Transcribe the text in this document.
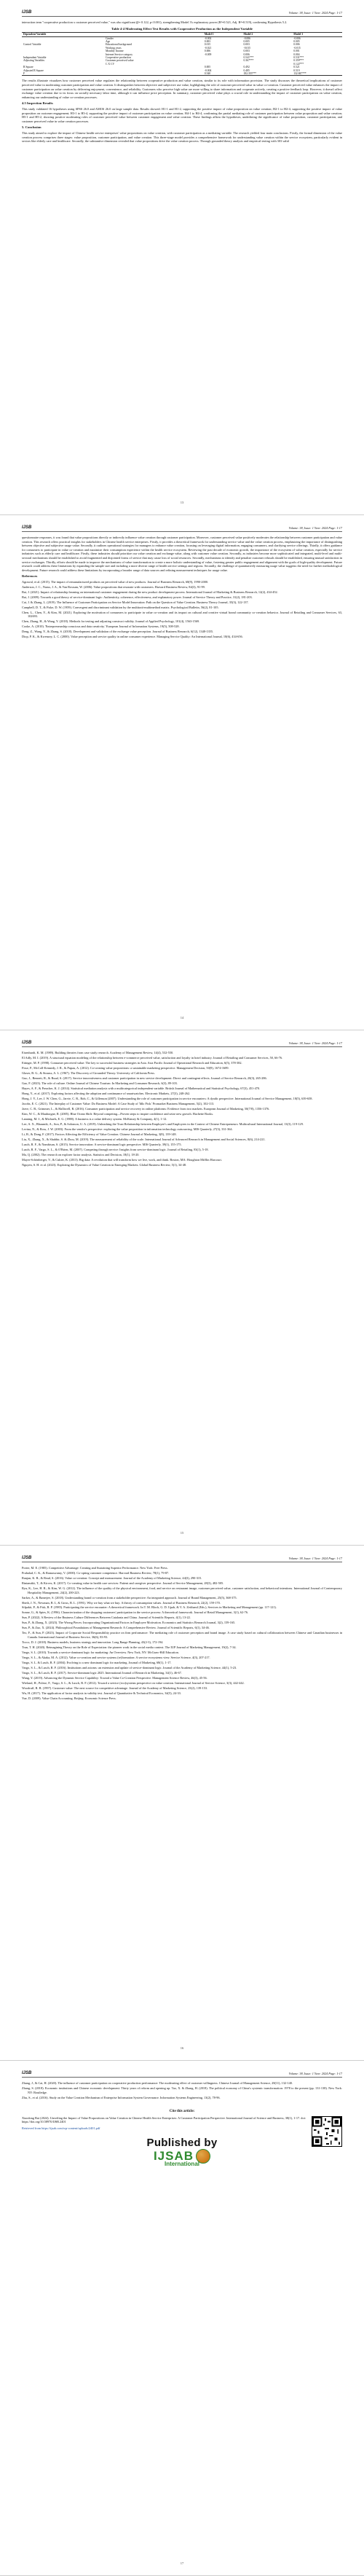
IJSB	Volume: 38, Issue: 1 Year: 2024 Page: 1-17

interaction term "cooperative production x customer perceived value," was also significant (β= 0.122, p<0.001), strengthening Model 3's explanatory power (R²=0.521, Adj. R²=0.519), confirming Hypothesis 5.2.

Table 4-4 Moderating Effect Test Results with Cooperative Production as the Independent Variable
Dependent Variable		Model 1	Model 2	Model 3
	Gender	-0.002	-0.006	-0.006
	Age	0.003	0.005	0.005
Control Variable	Educational background	0.015	0.003	0.006
	Working years	-0.021	-0.015	-0.015
	Monthly Income	0.006	0.003	0.001
	Internet Service category	-0.009	0.006	0.004
Independent Variable	Cooperative production		0.541***	0.531***
Adjusting Variables	Customer perceived value		0.367***	0.359***
	C X CV			0.122***
R Square		0.005	0.492	0.521
Adjusted R Square		-0.004	0.485	0.519
F		0.540	182.355***	132.847***

The results illustrate visualizes how customer perceived value regulates the relationship between cooperative production and value creation, similar to its role with information provision. The study discusses the theoretical implications of customer perceived value in moderating customer participation and value creation. It distinguishes between objective and subjective use value, highlighting the role of customer perceived value in value co-creation. Customer perceived value enhances the impact of customer participation on value creation by delivering enjoyment, convenience, and reliability. Customers who perceive high value are more willing to share information and cooperate actively, creating a positive feedback loop. However, it doesn't affect exchange value creation due to its focus on socially necessary labor time, although it can influence price perception. In summary, customer perceived value plays a crucial role in understanding the impact of customer participation on value creation, enhancing our understanding of value co-creation processes.

4.5 Inspection Results

This study validated 16 hypotheses using SPSS 26.0 and AMOS 26.0 on large sample data. Results showed: H1-1 and H1-2, supporting the positive impact of value proposition on value creation; H2-1 to H2-4, supporting the positive impact of value proposition on customer engagement; H3-1 to H3-4, supporting the positive impact of customer participation on value creation; H4-1 to H4-4, confirming the partial mediating role of customer participation between value proposition and value creation; H5-1 and H5-2, showing positive moderating roles of customer perceived value between customer engagement and value creation. These findings affirm the hypotheses, underlining the significance of value proposition, customer participation, and customer perceived value in value creation processes.

5. Conclusion

This study aimed to explore the impact of Chinese health service enterprises' value propositions on value creation, with customer participation as a mediating variable. The research yielded four main conclusions. Firstly, the formal dimension of the value creation process comprises three stages: value proposition, customer participation, and value creation. This three-stage model provides a comprehensive framework for understanding value creation within the service ecosystem, particularly evident in sectors like elderly care and healthcare. Secondly, the substantive dimension revealed that value propositions drive the value creation process. Through grounded theory analysis and empirical testing with 303 valid

13
IJSB	Volume: 38, Issue: 1 Year: 2024 Page: 1-17

questionnaire responses, it was found that value propositions directly or indirectly influence value creation through customer participation. Moreover, customer perceived value positively moderates the relationship between customer participation and value creation. This research offers practical insights for stakeholders in Chinese health service enterprises. Firstly, it provides a theoretical framework for understanding service value and the value creation process, emphasizing the importance of distinguishing between objective and subjective usage value. Secondly, it outlines operational strategies for managers to enhance value creation, focusing on leveraging digital information, engaging consumers, and clarifying service offerings. Thirdly, it offers guidance for consumers to participate in value co-creation and maximize their consumption experience within the health service ecosystem. Reviewing the past decade of economic growth, the importance of the ecosystem of value creation, especially for service industries such as elderly care and healthcare. Firstly, these industries should prioritize our value creation and exchange value, along with customer value creation. Secondly, as industries become more sophisticated and integrated, multi-level and multi-sectoral mechanisms should be established to avoid fragmented and disjointed forms of service that may cause loss of social resources. Secondly, mechanisms to identify and penalize customer refusals should be established, ensuring mutual satisfaction in service exchanges. Thirdly, efforts should be made to improve the mechanisms of value transformation to create a more holistic understanding of value, fostering greater public engagement and alignment with the goals of high-quality development. Future research could address these limitations by expanding the sample size and including a more diverse range of health service settings and regions. Secondly, the challenge of quantitatively measuring usage value suggests the need for further methodological development. Future research could address these limitations by incorporating a broader range of data sources and refining measurement techniques for usage value.

References

Agrawal, et al. (2015). The impact of remanufactured products on perceived value of new products. Journal of Business Research, 68(9), 1990-2000.

Anderson, J. C., Narus, J. A., & Van Rossum, W. (2006). Value propositions that resonate with customers. Harvard Business Review, 84(3), 91-99.

Bai, J. (2021). Impact of relationship learning on international customer engagement during the new product development process. International Journal of Marketing & Business Research, 12(2), 434-452.

Bai, J. (2009). Towards a good theory of service-dominant logic: Authenticity, coherence, effectiveness, and explanatory power. Journal of Service Theory and Practice, 31(2), 181-203.

Cai, J. & Zhang, L. (2019). The Influence of Customer Participation on Service Model Innovation: Path on the Question of Value Creation. Business Theory Journal, 35(3), 122-137.

Campbell, D. T., & Fiske, D. W. (1959). Convergent and discriminant validation by the multitrait-multimethod matrix. Psychological Bulletin, 56(2), 81-105.

Chen, L., Chen, Y., & Kim, M. (2021). Exploring the motivation of consumers to participate in value co-creation and its impact on cultural and creative virtual brand community co-creation behavior. Journal of Retailing and Consumer Services, 63, 102693.

Chen, Zhang, H., & Wang, Y. (2018). Methods for testing and adjusting construct validity. Journal of Applied Psychology, 101(4), 1563-1569.

Cooke, A. (2010). 'Entrepreneurship conscious and data creativity.' European Journal of Information Systems, 19(5), 508-528.

Deng, Z., Wang, Y., & Zhang, S. (2018). Development and validation of the exchange value perception. Journal of Business Research, 6(12), 1348-1355.

Diop, P. K., & Kwenzey, L. C. (2000). Value perception and service quality in online consumer experience. Managing Service Quality: An International Journal, 10(6), 434-656.

14
IJSB	Volume: 38, Issue: 1 Year: 2024 Page: 1-17

Eisenhardt, K. M. (1989). Building theories from case study research. Academy of Management Review, 14(4), 532-550.

El Adly, M. I. (2019). A structural equation modeling of the relationship between e-commerce perceived value, satisfaction and loyalty in hotel industry. Journal of Retailing and Consumer Services, 50, 66-76.

Ettinger, M. P. (1998). Consumer perceived value: The key to successful business strategies in Asia. Asia Pacific Journal of Operational Research and Education, 6(5), 378-382.

Fisse, P., McColl-Kennedy, J. R., & Pupau, A. (2012). Co-creating value propositions: a sustainable marketing perspective. Management Decision, 50(9), 1674-1689.

Glaser, B. G., & Strauss, A. L. (1967). The Discovery of Grounded Theory. University of California Press.

Guo, J., Bennett, R., & Ruud, S. (2017). Service innovativeness and customer participation in new service development: Direct and contingent effects. Journal of Service Research, 20(3), 265-286.

Gao, F. (2023). The role of culture. Online Journal of Chinese Tourism: In Marketing and Consumer Research, 6(3), 89-103.

Hayes, A. F., & Preacher, K. J. (2014). Statistical mediation analysis with a multicategorical independent variable. British Journal of Mathematical and Statistical Psychology, 67(3), 451-470.

Hong, Y., et al. (2017). Exploring factors affecting the adoption and continuance of smartwatches. Electronic Markets, 27(3), 248-262.

Hong, J. Y., Lee, J. W. Chen, G., Jarvie, C. R., Roh, C., & Gillenson (2007). Understanding the role of customer participation in service encounters: A dyadic perspective. International Journal of Service Management, 18(5), 639-658.

Jacobs, E. C. (2021). The Interplay of Customer Value: Do Business Model: A Case Study of 'Idlo Fish.' Promarket Business Management, 5(2), 102-113.

Jarve, C. B., Grimmer, L., & Halliwell, R. (2016). Consumer participation and service recovery in online platforms: Evidence from two markets. European Journal of Marketing, 50(7/8), 1356-1376.

Kim, W. C., & Mauborgne, R. (2005). Blue Ocean Shift: Beyond competing—Proven steps to inspire confidence and seize new growth. Hachette Books.

Lanning, M. J., & Michaels, E. G. (1988). A business is a value delivery system. McKinsey & Company, 4(1), 1-12.

Lee, A. X., Bhaumik, A., Son, P., & Solomon, U. A. (2019). Unleashing the Trust Relationship between Employee's and Employees in the Context of Chinese Entrepreneurs: Multicultural International Journal, 13(3), 119-129.

Levina, N., & Ross, J. W. (2003). From the vendor's perspective: exploring the value proposition in information technology outsourcing. MIS Quarterly, 27(3), 331-364.

Li, B., & Dong, F. (2017). Factors Affecting the Efficiency of Value Creation. Chinese Journal of Marketing, 3(8), 139-148.

Liu, X., Zhang, X., & Shabbir, S. & Zhou, M. (2019). The measurement of reliability of the scale. International Journal of Advanced Research in Management and Social Sciences, 8(6), 214-221.

Lusch, R. F., & Nambisan, S. (2015). Service innovation: A service-dominant logic perspective. MIS Quarterly, 39(1), 155-175.

Lusch, R. F., Vargo, S. L., & O'Brien, M. (2007). Competing through service: Insights from service-dominant logic. Journal of Retailing, 83(1), 5-18.

Ma, Q. (2002). The research on explorer factor analysis. Statistics and Decision, 18(1), 18-20.

Mayer-Schönberger, V., & Cukier, K. (2013). Big data: A revolution that will transform how we live, work, and think. Boston, MA: Houghton Mifflin Harcourt.

Nguyen, S. H. et al. (2023). Exploring the Dynamics of Value Creation in Emerging Markets. Global Business Review, 5(1), 34-48.

15
IJSB	Volume: 38, Issue: 1 Year: 2024 Page: 1-17

Porter, M. E. (1985). Competitive Advantage: Creating and Sustaining Superior Performance. New York: Free Press.

Prahalad, C. K., & Ramaswamy, V. (2000). Co-opting customer competence. Harvard Business Review, 78(1), 79-87.

Ranjan, K. R., & Read, S. (2016). Value co-creation: Concept and measurement. Journal of the Academy of Marketing Science, 44(3), 290-315.

Rintamäki, T., & Kirves, K. (2017). Co-creating value in health care services: Patient and caregiver perspective. Journal of Service Management, 28(3), 482-505.

Ryu, K., Lee, H. R., & Kim, W. G. (2012). The influence of the quality of the physical environment, food, and service on restaurant image, customer perceived value, customer satisfaction, and behavioral intentions. International Journal of Contemporary Hospitality Management, 24(2), 200-223.

Sarker, A., & Banerjee, S. (2018). Understanding brand co-creation from a stakeholder perspective: An integrated approach. Journal of Brand Management, 25(5), 368-375.

Sheth, J. N., Newman, B. I., & Gross, B. L. (1991). Why we buy what we buy: A theory of consumption values. Journal of Business Research, 22(2), 159-170.

Silpakit, P., & Fisk, R. P. (1985). Participating the service encounter: A theoretical framework. In T. M. Bloch, G. D. Upah, & V. A. Zeithaml (Eds.), Services in Marketing and Management (pp. 117-121).

Sonne, G., & Spies, K. (1996). Characterization of the shopping customers' participation in the service process: A theoretical framework. Journal of Retail Management, 3(1), 62-76.

Sun, P. (2022). A Review of the Business Culture Differences Between Catalonia and China. Journal of Scientific Reports, 4(1), 13-22.

Sun, P., & Zhang, X. (2023). The Wrong Pieces: Incorporating Organizational Factors in Employee Motivation. Economics and Statistics Research Journal, 3(2), 159-165.

Sun, P., & Zuo, X. (2024). Philosophical Foundations of Management Research: A Comprehensive Review. Journal of Scientific Reports, 6(1), 34-46.

Teo, F., & Sun, P. (2023). Impact of Corporate Social Responsibility practice on firm performance: The mediating role of customer perception and brand image. A case study based on cultural collaboration between Chinese and Canadian businesses in Canada. International Journal of Business Service, 36(6), 83-93.

Tocco, D. J. (2018). Business models, business strategy and innovation. Long Range Planning, 43(2-3), 172-194.

Tran, T. H. (2020). Reimagining Theory on the Role of Expectation: the pioneer work in the social media context. The IUP Journal of Marketing Management, 19(2), 7-34.

Vargo, S. L. (2010). Towards a service-dominant logic for marketing: An Overview. New York, NY: McGraw-Hill Education.

Vargo, S. L., & Akaka, M. A. (2012). Value co-creation and service systems (re)formation: A service ecosystems view. Service Science, 4(3), 207-217.

Vargo, S. L. & Lusch, R. F. (2004). Evolving to a new dominant logic for marketing. Journal of Marketing, 68(1), 1-17.

Vargo, S. L., & Lusch, R. F. (2016). Institutions and axioms: an extension and update of service-dominant logic. Journal of the Academy of Marketing Science, 44(1), 5-23.

Vargo, S. L., & Lusch, R. F. (2017). Service-dominant logic 2025. International Journal of Research in Marketing, 34(1), 46-67.

Wang, Y. (2019). Advancing the Dynamic Service Capability: Toward a Value Co-Creation Perspective. Management Science Review, 46(3), 45-56.

Wieland, H., Polese, F., Vargo, S. L., & Lusch, R. F. (2012). Toward a service (eco)systems perspective on value creation. International Journal of Service Science, 3(3), 442-442.

Woodruff, R. B. (1997). Customer value: The next source for competitive advantage. Journal of the Academy of Marketing Science, 25(2), 139-153.

Wu, H. (2017). The application of factor analysis in validity test. Journal of Quantitative & Technical Economics, 34(5), 24-33.

Yue, D. (2009). Value Chain Accounting. Beijing: Economic Science Press.

16
IJSB	Volume: 38, Issue: 1 Year: 2024 Page: 1-17

Zhang, J., & Cai, H. (2020). The influence of customer participation on cooperative production performance: The moderating effect of customer willingness. Chinese Journal of Management Science, 28(11), 132-140.

Zhang, S. (2018). Economic institutions and Chinese economic development: Thirty years of reform and opening up. Tao, X. & Zhang, H. (2018). The political economy of China's systemic transformation: 1978 to the present (pp. 131-138). New York: NY: Routledge.

Zhu, S., et al. (2016). Study on the Value Creation Mechanism of Enterprise Information System Governance. Information Systems Engineering, 13(2), 78-96.

Cite this article:

Xiaodong Bai (2024). Unveiling the Impact of Value Propositions on Value Creation in Chinese Health Service Enterprises: A Customer Participation Perspective. International Journal of Science and Business, 38(1), 1-17. doi: https://doi.org/10.58970/IJSB.2401

Retrieved from https://ijsab.com/wp-content/uploads/2401.pdf

Published by
IJSAB
International
17
